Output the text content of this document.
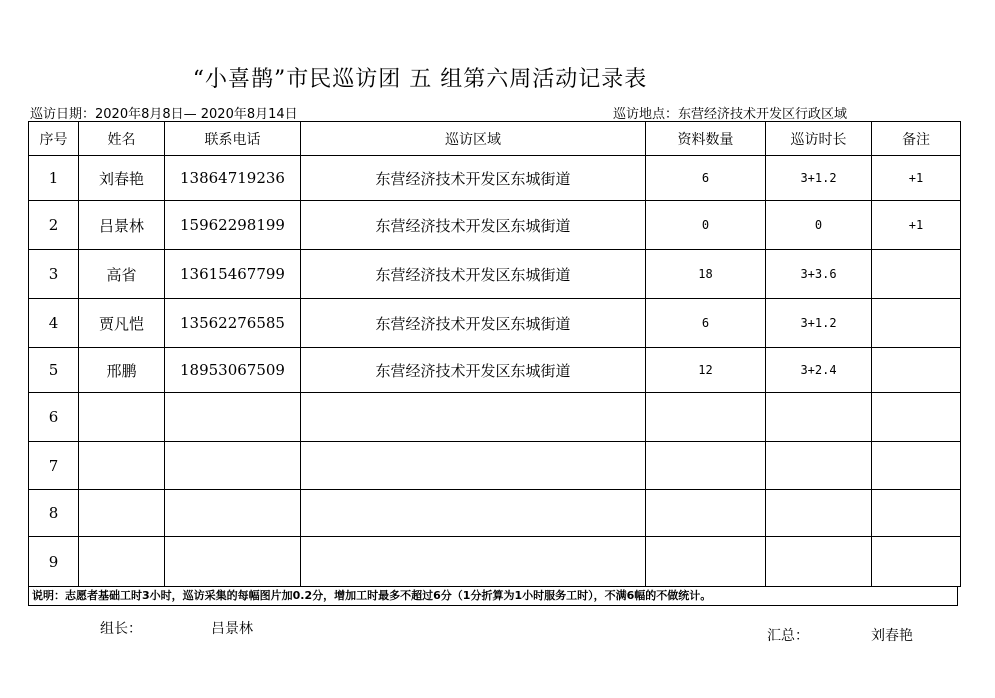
“小喜鹊”市民巡访团 五 组第六周活动记录表
巡访日期：2020年8月8日— 2020年8月14日	巡访地点：东营经济技术开发区行政区域
序号	姓名	联系电话	巡访区域	资料数量	巡访时长	备注
1	刘春艳	13864719236	东营经济技术开发区东城街道	6	3+1.2	+1
2	吕景林	15962298199	东营经济技术开发区东城街道	0	0	+1
3	高省	13615467799	东营经济技术开发区东城街道	18	3+3.6	
4	贾凡恺	13562276585	东营经济技术开发区东城街道	6	3+1.2	
5	邢鹏	18953067509	东营经济技术开发区东城街道	12	3+2.4	
6						
7						
8						
9						
说明：志愿者基础工时3小时，巡访采集的每幅图片加0.2分，增加工时最多不超过6分（1分折算为1小时服务工时），不满6幅的不做统计。
组长：	吕景林	汇总：	刘春艳
